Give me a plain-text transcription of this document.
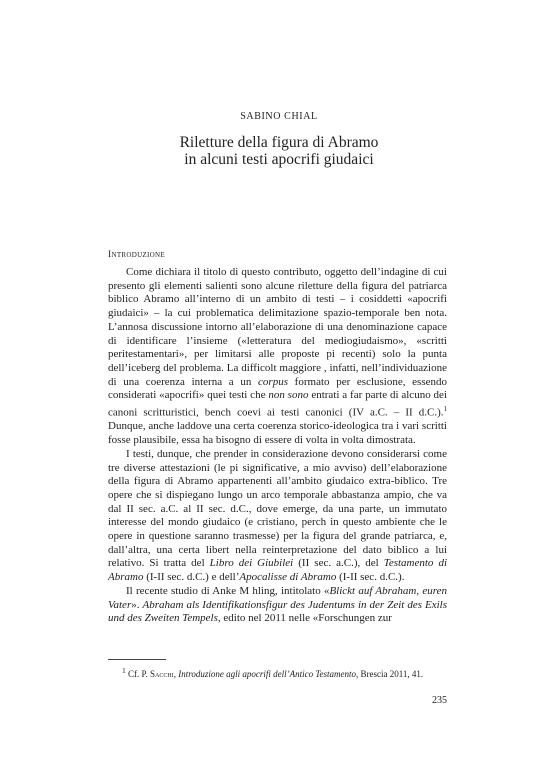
SABINO CHIAL
Riletture della figura di Abramo
in alcuni testi apocrifi giudaici
Introduzione

Come dichiara il titolo di questo contributo, oggetto dell’indagine di cui presento gli elementi salienti sono alcune riletture della figura del patriarca biblico Abramo all’interno di un ambito di testi – i cosiddetti «apocrifi giudaici» – la cui problematica delimitazione spazio-temporale ben nota. L’annosa discussione intorno all’elaborazione di una denominazione capace di identificare l’insieme («letteratura del mediogiudaismo», «scritti peritestamentari», per limitarsi alle proposte pi recenti) solo la punta dell’iceberg del problema. La difficolt maggiore , infatti, nell’individuazione di una coerenza interna a un corpus formato per esclusione, essendo considerati «apocrifi» quei testi che non sono entrati a far parte di alcuno dei canoni scritturistici, bench coevi ai testi canonici (IV a.C. – II d.C.).$^1$ Dunque, anche laddove una certa coerenza storico-ideologica tra i vari scritti fosse plausibile, essa ha bisogno di essere di volta in volta dimostrata.

I testi, dunque, che prender in considerazione devono considerarsi come tre diverse attestazioni (le pi significative, a mio avviso) dell’elaborazione della figura di Abramo appartenenti all’ambito giudaico extra-biblico. Tre opere che si dispiegano lungo un arco temporale abbastanza ampio, che va dal II sec. a.C. al II sec. d.C., dove emerge, da una parte, un immutato interesse del mondo giudaico (e cristiano, perch in questo ambiente che le opere in questione saranno trasmesse) per la figura del grande patriarca, e, dall’altra, una certa libert nella reinterpretazione del dato biblico a lui relativo. Si tratta del Libro dei Giubilei (II sec. a.C.), del Testamento di Abramo (I-II sec. d.C.) e dell’Apocalisse di Abramo (I-II sec. d.C.).

Il recente studio di Anke M hling, intitolato «Blickt auf Abraham, euren Vater». Abraham als Identifikationsfigur des Judentums in der Zeit des Exils und des Zweiten Tempels, edito nel 2011 nelle «Forschungen zur

$^1$ Cf. P. Sacchi, Introduzione agli apocrifi dell’Antico Testamento, Brescia 2011, 41.
235
